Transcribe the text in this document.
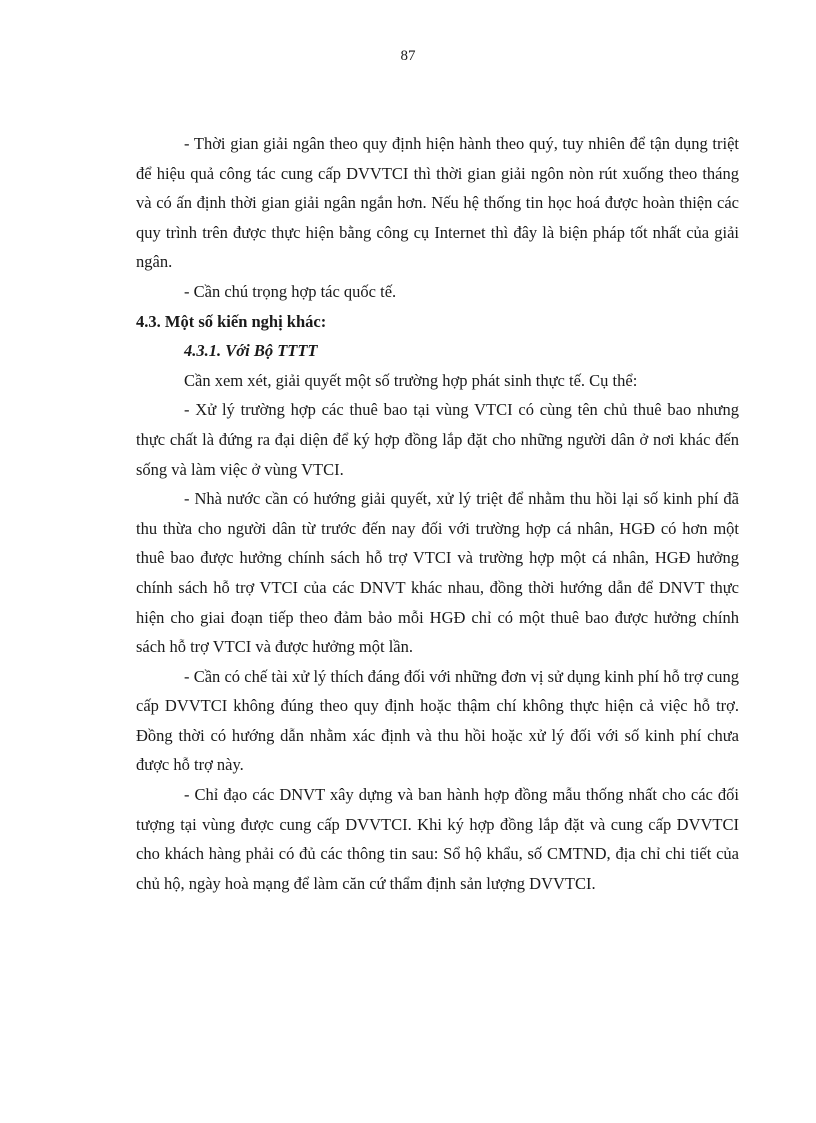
87

- Thời gian giải ngân theo quy định hiện hành theo quý, tuy nhiên để tận dụng triệt để hiệu quả công tác cung cấp DVVTCI thì thời gian giải ngôn nòn rút xuống theo tháng và có ấn định thời gian giải ngân ngắn hơn. Nếu hệ thống tin học hoá được hoàn thiện các quy trình trên được thực hiện bằng công cụ Internet thì đây là biện pháp tốt nhất của giải ngân.

- Cần chú trọng hợp tác quốc tế.

4.3. Một số kiến nghị khác:

4.3.1. Với Bộ TTTT

Cần xem xét, giải quyết một số trường hợp phát sinh thực tế. Cụ thể:

- Xử lý trường hợp các thuê bao tại vùng VTCI có cùng tên chủ thuê bao nhưng thực chất là đứng ra đại diện để ký hợp đồng lắp đặt cho những người dân ở nơi khác đến sống và làm việc ở vùng VTCI.

- Nhà nước cần có hướng giải quyết, xử lý triệt để nhằm thu hồi lại số kinh phí đã thu thừa cho người dân từ trước đến nay đối với trường hợp cá nhân, HGĐ có hơn một thuê bao được hưởng chính sách hỗ trợ VTCI và trường hợp một cá nhân, HGĐ hưởng chính sách hỗ trợ VTCI của các DNVT khác nhau, đồng thời hướng dẫn để DNVT thực hiện cho giai đoạn tiếp theo đảm bảo mỗi HGĐ chỉ có một thuê bao được hưởng chính sách hỗ trợ VTCI và được hưởng một lần.

- Cần có chế tài xử lý thích đáng đối với những đơn vị sử dụng kinh phí hỗ trợ cung cấp DVVTCI không đúng theo quy định hoặc thậm chí không thực hiện cả việc hỗ trợ. Đồng thời có hướng dẫn nhằm xác định và thu hồi hoặc xử lý đối với số kinh phí chưa được hỗ trợ này.

- Chỉ đạo các DNVT xây dựng và ban hành hợp đồng mẫu thống nhất cho các đối tượng tại vùng được cung cấp DVVTCI. Khi ký hợp đồng lắp đặt và cung cấp DVVTCI cho khách hàng phải có đủ các thông tin sau: Sổ hộ khẩu, số CMTND, địa chỉ chi tiết của chủ hộ, ngày hoà mạng để làm căn cứ thẩm định sản lượng DVVTCI.
